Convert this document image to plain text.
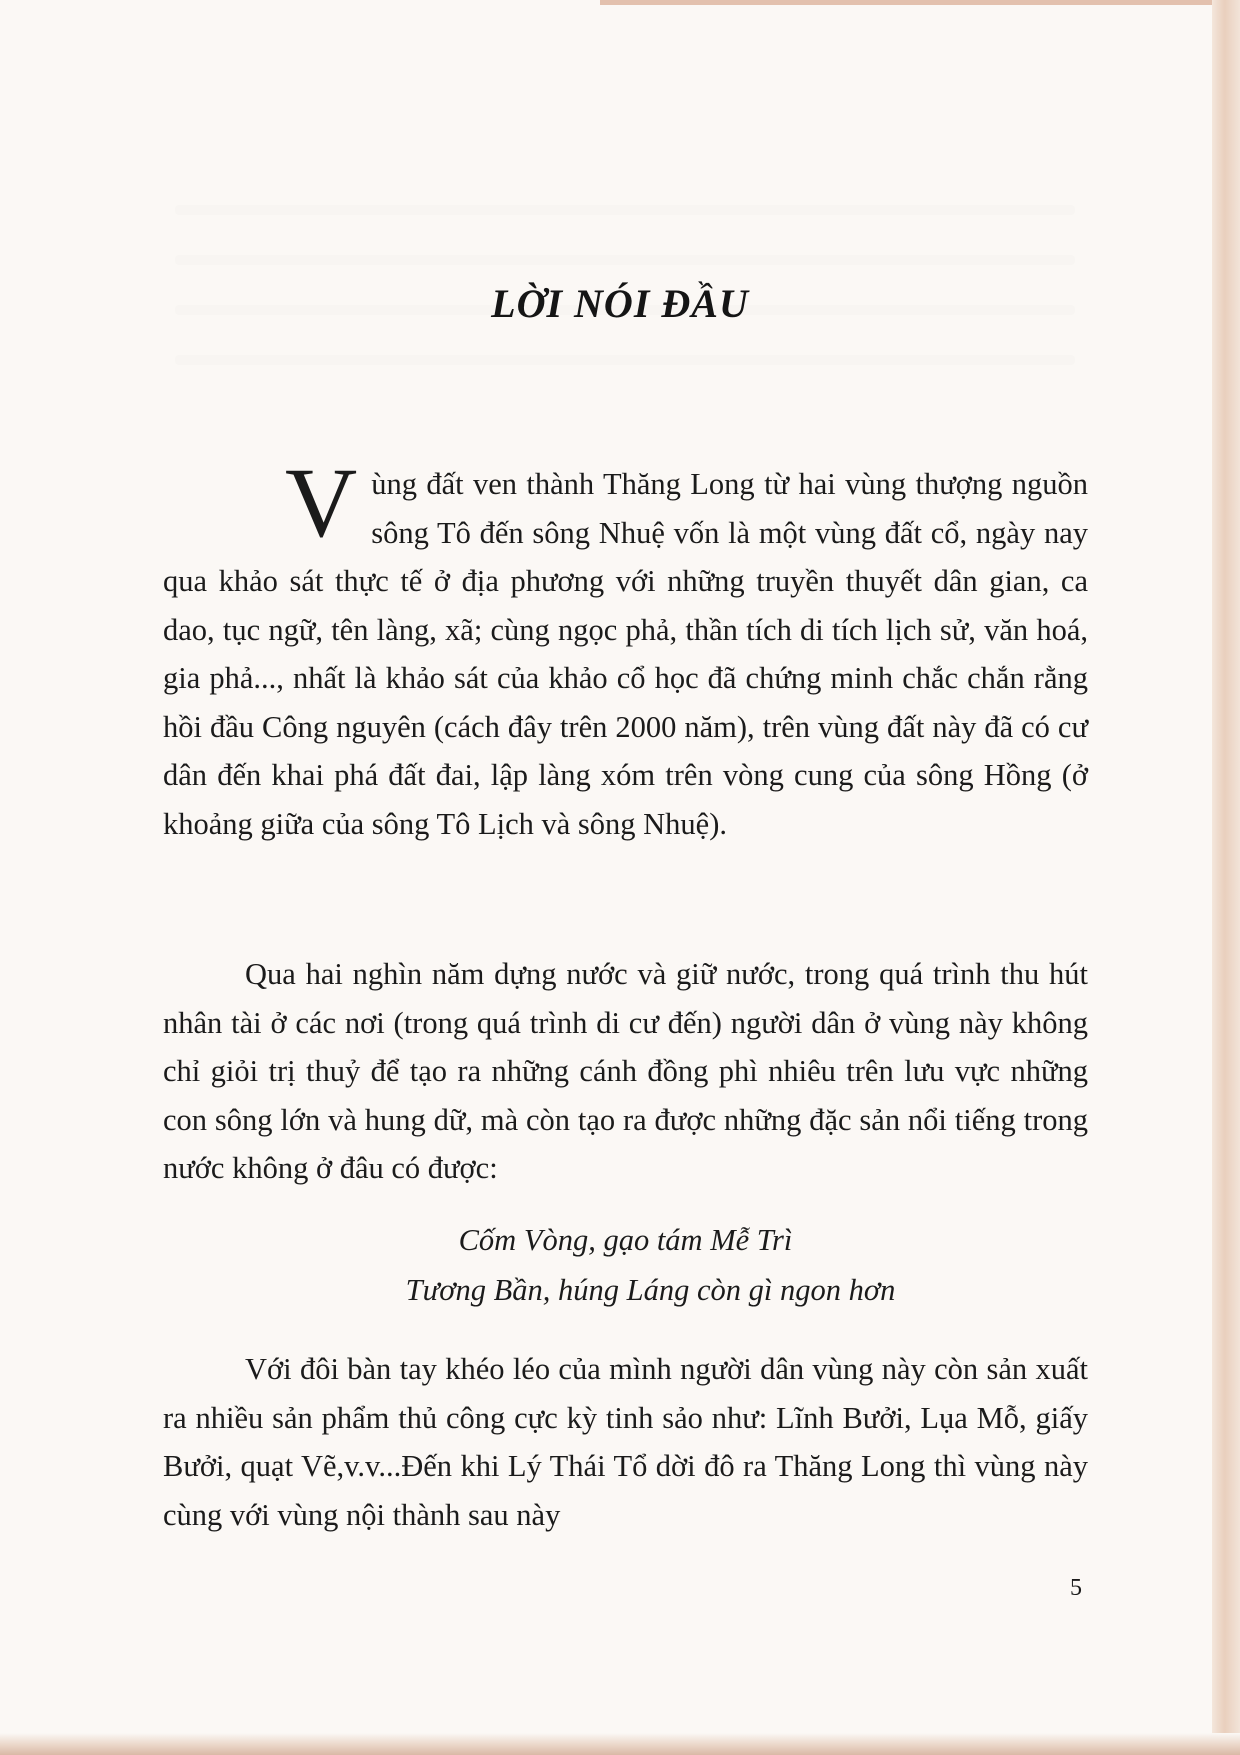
LỜI NÓI ĐẦU

Vùng đất ven thành Thăng Long từ hai vùng thượng nguồn sông Tô đến sông Nhuệ vốn là một vùng đất cổ, ngày nay qua khảo sát thực tế ở địa phương với những truyền thuyết dân gian, ca dao, tục ngữ, tên làng, xã; cùng ngọc phả, thần tích di tích lịch sử, văn hoá, gia phả..., nhất là khảo sát của khảo cổ học đã chứng minh chắc chắn rằng hồi đầu Công nguyên (cách đây trên 2000 năm), trên vùng đất này đã có cư dân đến khai phá đất đai, lập làng xóm trên vòng cung của sông Hồng (ở khoảng giữa của sông Tô Lịch và sông Nhuệ).

Qua hai nghìn năm dựng nước và giữ nước, trong quá trình thu hút nhân tài ở các nơi (trong quá trình di cư đến) người dân ở vùng này không chỉ giỏi trị thuỷ để tạo ra những cánh đồng phì nhiêu trên lưu vực những con sông lớn và hung dữ, mà còn tạo ra được những đặc sản nổi tiếng trong nước không ở đâu có được:

Cốm Vòng, gạo tám Mễ Trì
Tương Bần, húng Láng còn gì ngon hơn

Với đôi bàn tay khéo léo của mình người dân vùng này còn sản xuất ra nhiều sản phẩm thủ công cực kỳ tinh sảo như: Lĩnh Bưởi, Lụa Mỗ, giấy Bưởi, quạt Vẽ,v.v...Đến khi Lý Thái Tổ dời đô ra Thăng Long thì vùng này cùng với vùng nội thành sau này

5
